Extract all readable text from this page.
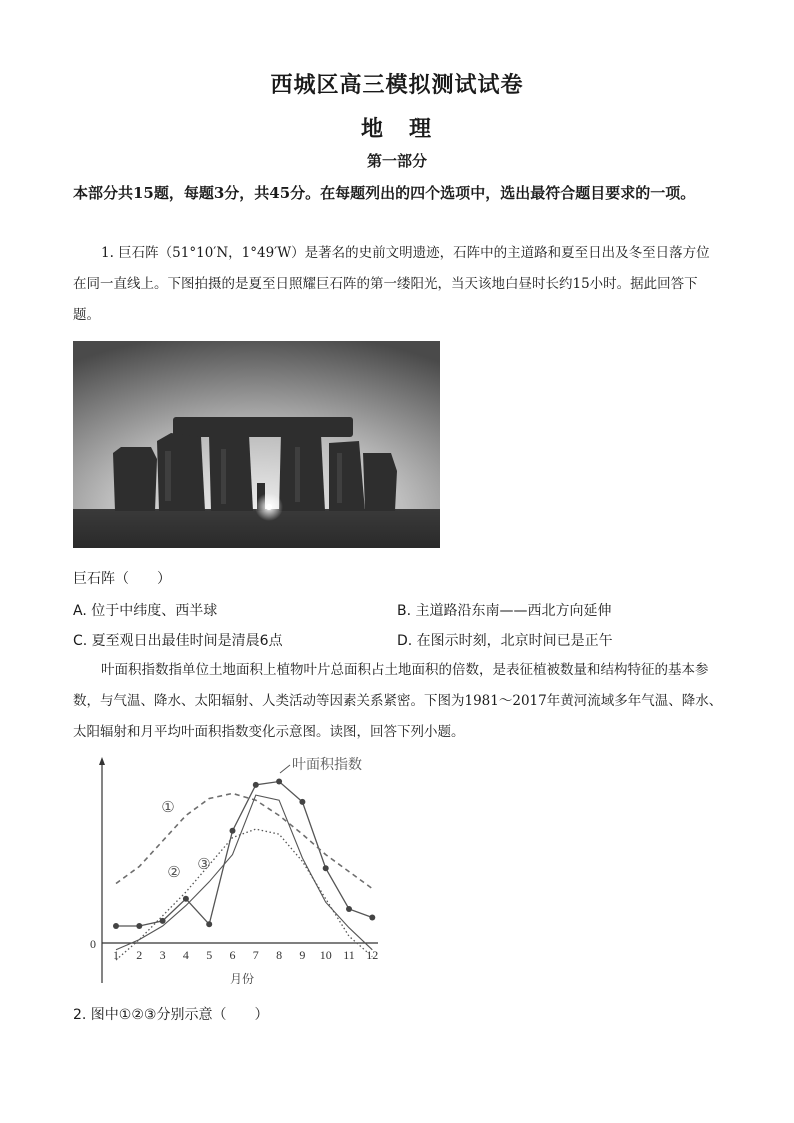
西城区高三模拟测试试卷
地　理
第一部分
本部分共15题，每题3分，共45分。在每题列出的四个选项中，选出最符合题目要求的一项。
1. 巨石阵（51°10′N，1°49′W）是著名的史前文明遗迹，石阵中的主道路和夏至日出及冬至日落方位在同一直线上。下图拍摄的是夏至日照耀巨石阵的第一缕阳光，当天该地白昼时长约15小时。据此回答下题。
巨石阵（　　）
A. 位于中纬度、西半球	B. 主道路沿东南——西北方向延伸
C. 夏至观日出最佳时间是清晨6点	D. 在图示时刻，北京时间已是正午
叶面积指数指单位土地面积上植物叶片总面积占土地面积的倍数，是表征植被数量和结构特征的基本参数，与气温、降水、太阳辐射、人类活动等因素关系紧密。下图为1981～2017年黄河流域多年气温、降水、太阳辐射和月平均叶面积指数变化示意图。读图，回答下列小题。
0
月份
1 2 3 4 5 6 7 8 9 10 11 12
叶面积指数
①
② ③
2. 图中①②③分别示意（　　）
